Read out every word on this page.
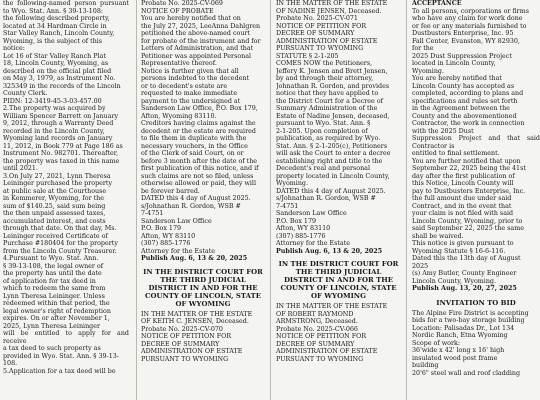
the following-named person pursuant to Wyo. Stat. Ann. § 39-13-108:

the following described property,

located at 34 Hardman Circle in

Star Valley Ranch, Lincoln County,

Wyoming, is the subject of this

notice:

Lot 16 of Star Valley Ranch Plat

18, Lincoln County, Wyoming, as

described on the official plat filed

on May 3, 1979, as Instrument No.

325349 in the records of the Lincoln

County Clerk.

PIDN: 12-3419-45-3-03-457.00

2.The property was acquired by

William Spencer Barrett on January

9, 2012, through a Warranty Deed

recorded in the Lincoln County,

Wyoming land records on January

11, 2012, in Book 779 at Page 186 as

Instrument No. 982701. Thereafter,

the property was taxed in this name

until 2021.

3.On July 27, 2021, Lynn Theresa

Leininger purchased the property

at public sale at the Courthouse

in Kemmerer, Wyoming, for the

sum of $140.25, said sum being

the then unpaid assessed taxes,

accumulated interest, and costs

through that date. On that day, Ms.

Leininger received Certificate of

Purchase #180404 for the property

from the Lincoln County Treasurer.

4.Pursuant to Wyo. Stat. Ann.

§ 39-13-108, the legal owner of

the property has until the date

of application for tax deed in

which to redeem the same from

Lynn Theresa Leininger. Unless

redeemed within that period, the

legal owner's right of redemption

expires. On or after November 1,

2025, Lynn Theresa Leininger

will be entitled to apply for and receive

a tax deed to such property as

provided in Wyo. Stat. Ann. § 39-13-

108.

5.Application for a tax deed will be

Probate No. 2025-CV-069

NOTICE OF PROBATE

You are hereby notified that on

the July 27, 2025, LeeAnna Dahlgren

petitioned the above-named court

for probate of the instrument and for

Letters of Administration, and that

Petitioner was appointed Personal

Representative thereof.

Notice is further given that all

persons indebted to the decedent

or to decedent's estate are

requested to make immediate

payment to the undersigned at

Sanderson Law Office, P.O. Box 179,

Afton, Wyoming 83110.

Creditors having claims against the

decedent or the estate are required

to file them in duplicate with the

necessary vouchers, in the Office

of the Clerk of said Court, on or

before 3 month after the date of the

first publication of this notice, and if

such claims are not so filed, unless

otherwise allowed or paid, they will

be forever barred.

DATED this 4 day of August 2025.

s/Johnathan R. Gordon, WSB #

7-4751

Sanderson Law Office

P.O. Box 179

Afton, WY 83110

(307) 885-1776

Attorney for the Estate

Publish Aug. 6, 13 & 20, 2025

IN THE DISTRICT COURT FOR THE THIRD JUDICIAL DISTRICT IN AND FOR THE COUNTY OF LINCOLN, STATE OF WYOMING

IN THE MATTER OF THE ESTATE

OF KEITH C. JENSEN, Deceased.

Probate No. 2025-CV-070

NOTICE OF PETITION FOR

DECREE OF SUMMARY

ADMINISTRATION OF ESTATE

PURSUANT TO WYOMING

IN THE MATTER OF THE ESTATE

OF NADINE JENSEN, Deceased.

Probate No. 2025-CV-071

NOTICE OF PETITION FOR

DECREE OF SUMMARY

ADMINISTRATION OF ESTATE

PURSUANT TO WYOMING

STATUTE § 2-1-205

COMES NOW the Petitioners,

Jeffery K. Jensen and Brett Jensen,

by and through their attorney,

Johnathan R. Gordon, and provides

notice that they have applied to

the District Court for a Decree of

Summary Administration of the

Estate of Nadine Jensen, deceased,

pursuant to Wyo. Stat. Ann. §

2-1-205. Upon completion of

publication, as required by Wyo.

Stat. Ann. § 2-1-205(c), Petitioners

will ask the Court to enter a decree

establishing right and title to the

Decedent's real and personal

property located in Lincoln County,

Wyoming.

DATED this 4 day of August 2025.

s/Johnathan R. Gordon, WSB #

7-4751

Sanderson Law Office

P.O. Box 179

Afton, WY 83110

(307) 885-1776

Attorney for the Estate

Publish Aug. 6, 13 & 20, 2025

IN THE DISTRICT COURT FOR THE THIRD JUDICIAL DISTRICT IN AND FOR THE COUNTY OF LINCOLN, STATE OF WYOMING

IN THE MATTER OF THE ESTATE

OF ROBERT RAYMOND

ARMSTRONG, Deceased.

Probate No. 2025-CV-066

NOTICE OF PETITION FOR

DECREE OF SUMMARY

ADMINISTRATION OF ESTATE

PURSUANT TO WYOMING

ACCEPTANCE

To all persons, corporations or firms

who have any claim for work done

or fee or any materials furnished to

Dustbusters Enterprise, Inc. 95

Fall Center, Evanston, WY 82930,

for the

2025 Dust Suppression Project

located in Lincoln County,

Wyoming.

You are hereby notified that

Lincoln County has accepted as

completed, according to plans and

specifications and rules set forth

in the Agreement between the

County and the abovementioned

Contractor, the work in connection

with the 2025 Dust

Suppression Project and that said Contractor is

entitled to final settlement.

You are further notified that upon

September 22, 2025 being the 41st

day after the first publication of

this Notice, Lincoln County will

pay to Dustbusters Enterprise, Inc.

the full amount due under said

Contract, and in the event that

your claim is not filed with said

Lincoln County, Wyoming, prior to

said September 22, 2025 the same

shall be waived.

This notice is given pursuant to

Wyoming Statute § 16-6-116.

Dated this the 13th day of August

2025

(s) Amy Butler, County Engineer

Lincoln County, Wyoming.

Publish Aug. 13, 20, 27, 2025

INVITATION TO BID

The Alpine Fire District is accepting

bids for a two-bay storage building

Location: Palisadas Dr., Lot 134

Nordic Ranch, Etna Wyoming

Scope of work:

36'wide x 42' long x 16' high

insulated wood post frame

building

20'6" steel wall and roof cladding
